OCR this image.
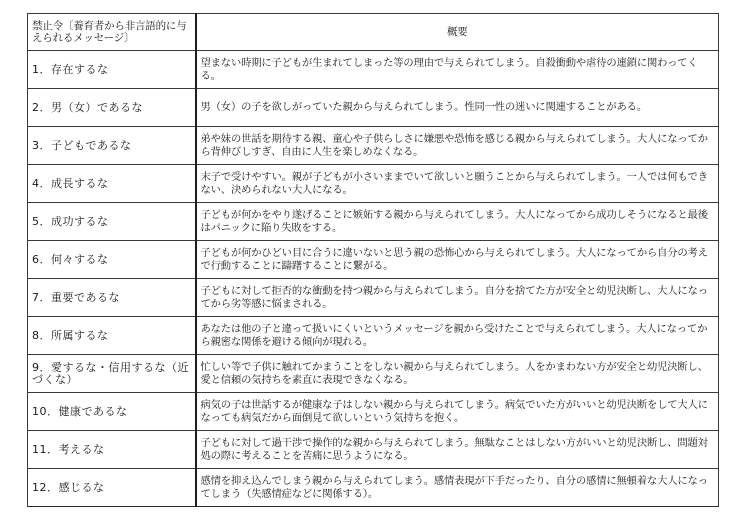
禁止令〔養育者から非言語的に与えられるメッセージ〕	概要
1．存在するな	望まない時期に子どもが生まれてしまった等の理由で与えられてしまう。自殺衝動や虐待の連鎖に関わってくる。
2．男（女）であるな	男（女）の子を欲しがっていた親から与えられてしまう。性同一性の迷いに関連することがある。
3．子どもであるな	弟や妹の世話を期待する親、童心や子供らしさに嫌悪や恐怖を感じる親から与えられてしまう。大人になってから背伸びしすぎ、自由に人生を楽しめなくなる。
4．成長するな	末子で受けやすい。親が子どもが小さいままでいて欲しいと願うことから与えられてしまう。一人では何もできない、決められない大人になる。
5．成功するな	子どもが何かをやり遂げることに嫉妬する親から与えられてしまう。大人になってから成功しそうになると最後はパニックに陥り失敗をする。
6．何々するな	子どもが何かひどい目に合うに違いないと思う親の恐怖心から与えられてしまう。大人になってから自分の考えで行動することに躊躇することに繋がる。
7．重要であるな	子どもに対して拒否的な衝動を持つ親から与えられてしまう。自分を捨てた方が安全と幼児決断し、大人になってから劣等感に悩まされる。
8．所属するな	あなたは他の子と違って扱いにくいというメッセージを親から受けたことで与えられてしまう。大人になってから親密な関係を避ける傾向が現れる。
9．愛するな・信用するな（近づくな）	忙しい等で子供に触れてかまうことをしない親から与えられてしまう。人をかまわない方が安全と幼児決断し、愛と信頼の気持ちを素直に表現できなくなる。
10．健康であるな	病気の子は世話するが健康な子はしない親から与えられてしまう。病気でいた方がいいと幼児決断をして大人になっても病気だから面倒見て欲しいという気持ちを抱く。
11．考えるな	子どもに対して過干渉で操作的な親から与えられてしまう。無駄なことはしない方がいいと幼児決断し、問題対処の際に考えることを苦痛に思うようになる。
12．感じるな	感情を抑え込んでしまう親から与えられてしまう。感情表現が下手だったり、自分の感情に無頓着な大人になってしまう（失感情症などに関係する）。
